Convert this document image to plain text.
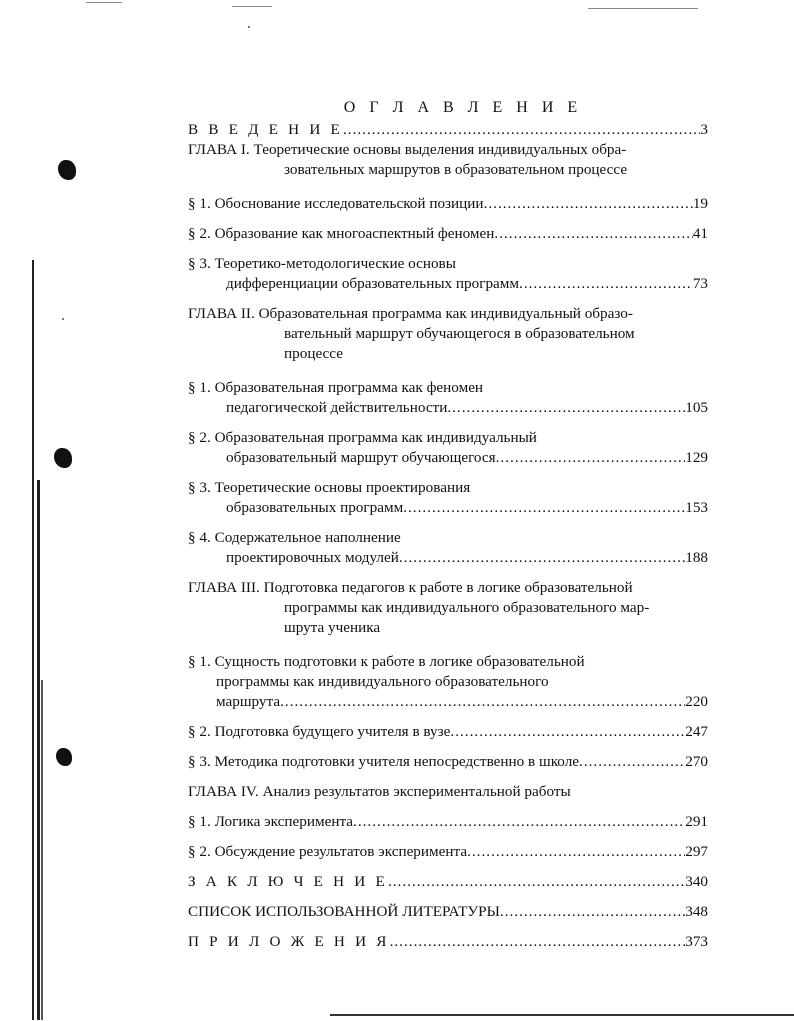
О Г Л А В Л Е Н И Е
В В Е Д Е Н И Е .....	3
ГЛАВА I. Теоретические основы выделения индивидуальных обра-
зовательных маршрутов в образовательном процессе
§ 1. Обоснование исследовательской позиции .....	19
§ 2. Образование как многоаспектный феномен .....	41
§ 3. Теоретико-методологические основы
дифференциации образовательных программ .....	73
ГЛАВА II. Образовательная программа как индивидуальный образо-
вательный маршрут обучающегося в образовательном
процессе
§ 1. Образовательная программа как феномен
педагогической действительности .....	105
§ 2. Образовательная программа как индивидуальный
образовательный маршрут обучающегося .....	129
§ 3. Теоретические основы проектирования
образовательных программ .....	153
§ 4. Содержательное наполнение
проектировочных модулей .....	188
ГЛАВА III. Подготовка педагогов к работе в логике образовательной
программы как индивидуального образовательного мар-
шрута ученика
§ 1. Сущность подготовки к работе в логике образовательной
программы как индивидуального образовательного
маршрута .....	220
§ 2. Подготовка будущего учителя в вузе .....	247
§ 3. Методика подготовки учителя непосредственно в школе .....	270
ГЛАВА IV. Анализ результатов экспериментальной работы
§ 1. Логика эксперимента .....	291
§ 2. Обсуждение результатов эксперимента .....	297
З А К Л Ю Ч Е Н И Е .....	340
СПИСОК ИСПОЛЬЗОВАННОЙ ЛИТЕРАТУРЫ .....	348
П Р И Л О Ж Е Н И Я .....	373
